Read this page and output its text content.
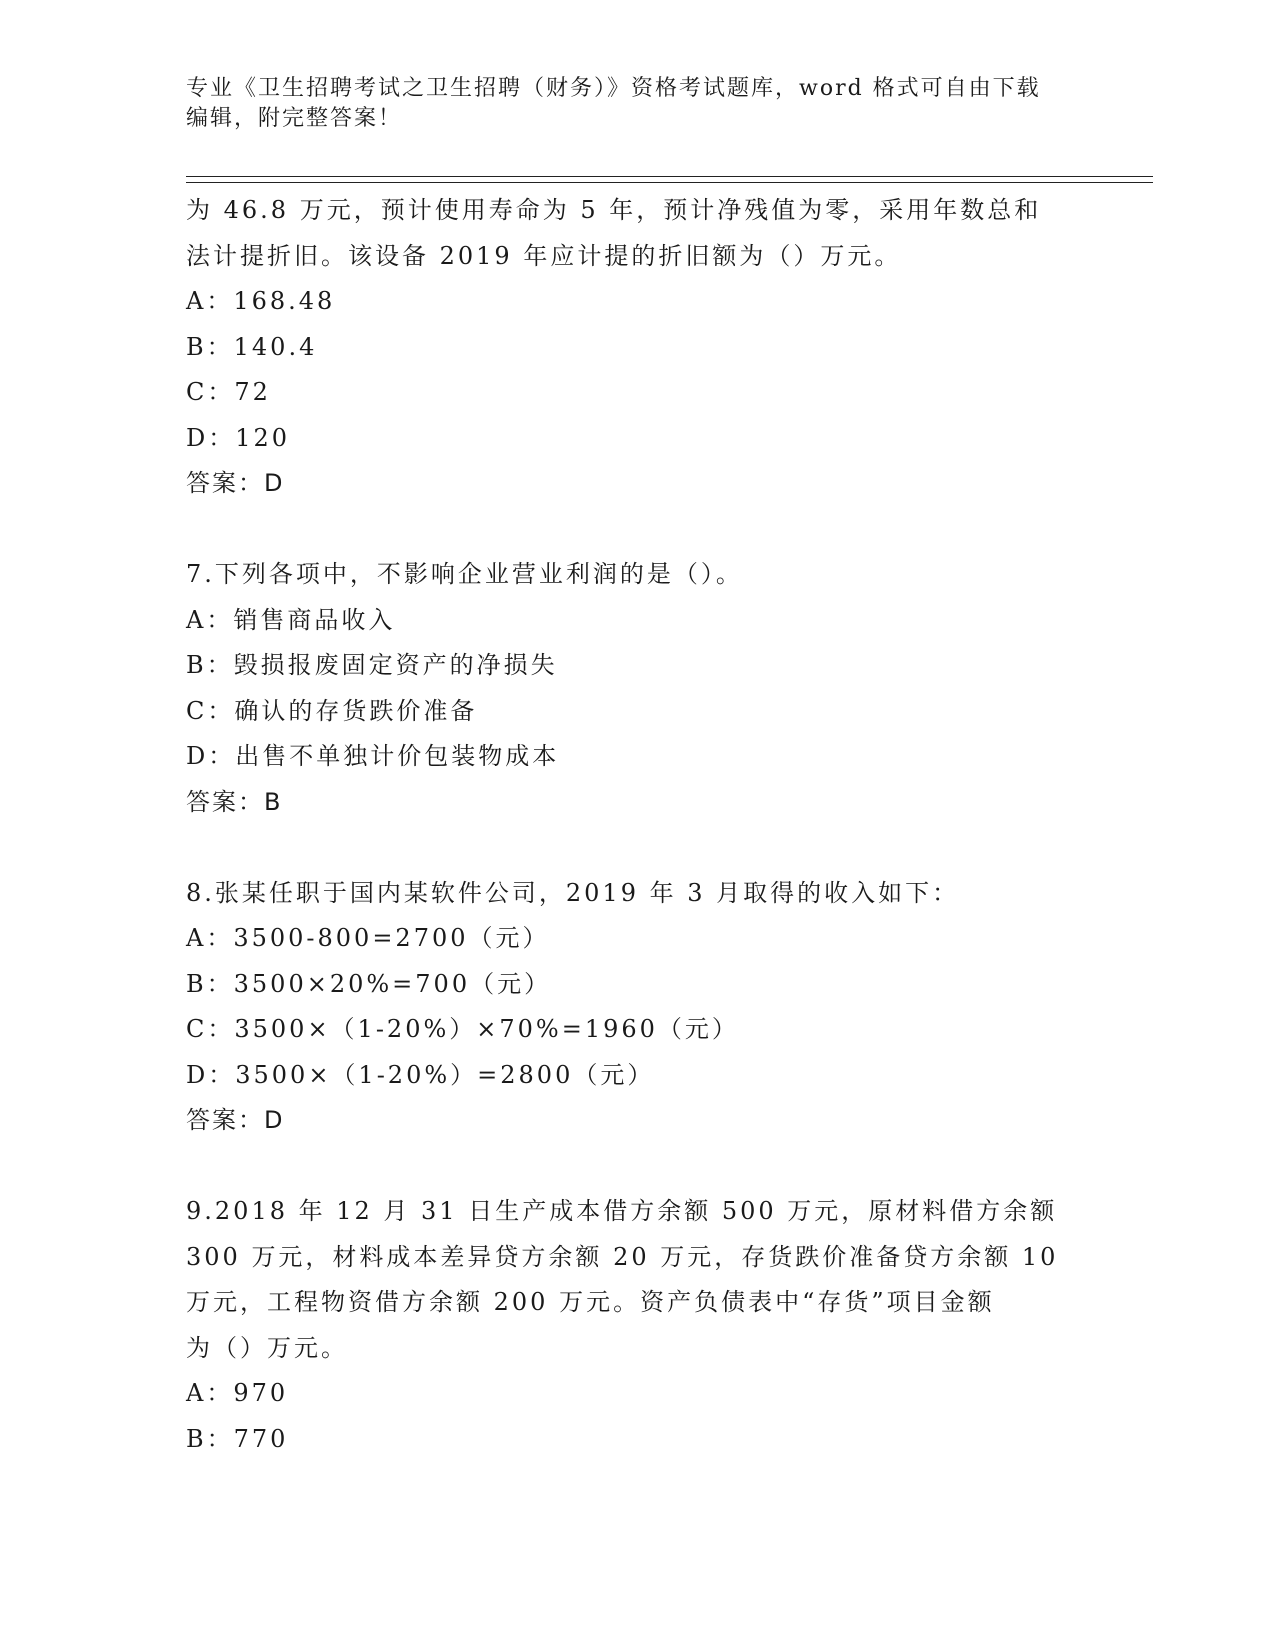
专业《卫生招聘考试之卫生招聘（财务）》资格考试题库，word 格式可自由下载
编辑，附完整答案！
为 46.8 万元，预计使用寿命为 5 年，预计净残值为零，采用年数总和
法计提折旧。该设备 2019 年应计提的折旧额为（）万元。
A：168.48
B：140.4
C：72
D：120
答案：D
7.下列各项中，不影响企业营业利润的是（）。
A：销售商品收入
B：毁损报废固定资产的净损失
C：确认的存货跌价准备
D：出售不单独计价包装物成本
答案：B
8.张某任职于国内某软件公司，2019 年 3 月取得的收入如下：
A：3500-800=2700（元）
B：3500×20%=700（元）
C：3500×（1-20%）×70%=1960（元）
D：3500×（1-20%）=2800（元）
答案：D
9.2018 年 12 月 31 日生产成本借方余额 500 万元，原材料借方余额
300 万元，材料成本差异贷方余额 20 万元，存货跌价准备贷方余额 10
万元，工程物资借方余额 200 万元。资产负债表中“存货”项目金额
为（）万元。
A：970
B：770
